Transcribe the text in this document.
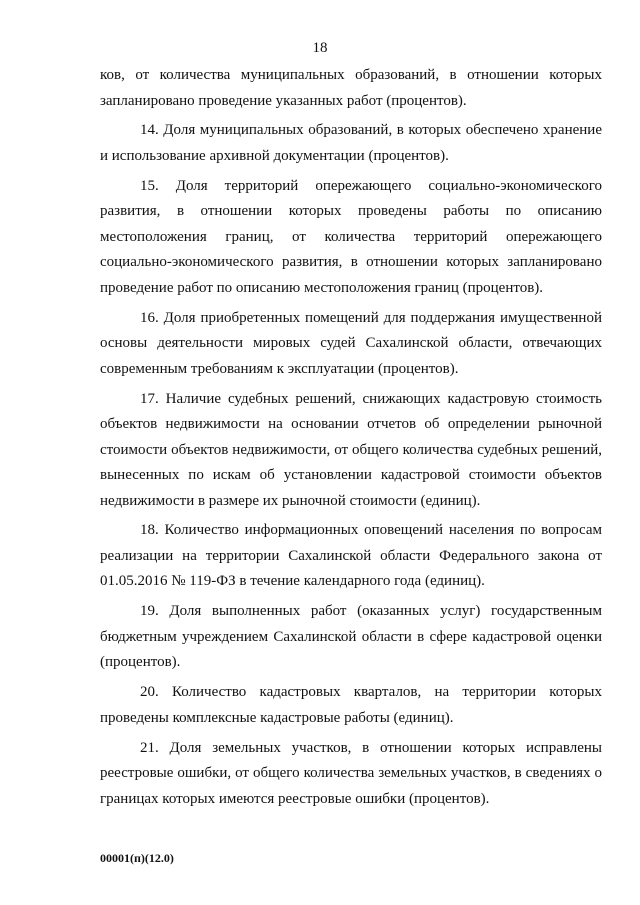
18

ков, от количества муниципальных образований, в отношении которых запланировано проведение указанных работ (процентов).

14. Доля муниципальных образований, в которых обеспечено хранение и использование архивной документации (процентов).

15. Доля территорий опережающего социально-экономического развития, в отношении которых проведены работы по описанию местоположения границ, от количества территорий опережающего социально-экономического развития, в отношении которых запланировано проведение работ по описанию местоположения границ (процентов).

16. Доля приобретенных помещений для поддержания имущественной основы деятельности мировых судей Сахалинской области, отвечающих современным требованиям к эксплуатации (процентов).

17. Наличие судебных решений, снижающих кадастровую стоимость объектов недвижимости на основании отчетов об определении рыночной стоимости объектов недвижимости, от общего количества судебных решений, вынесенных по искам об установлении кадастровой стоимости объектов недвижимости в размере их рыночной стоимости (единиц).

18. Количество информационных оповещений населения по вопросам реализации на территории Сахалинской области Федерального закона от 01.05.2016 № 119-ФЗ в течение календарного года (единиц).

19. Доля выполненных работ (оказанных услуг) государственным бюджетным учреждением Сахалинской области в сфере кадастровой оценки (процентов).

20. Количество кадастровых кварталов, на территории которых проведены комплексные кадастровые работы (единиц).

21. Доля земельных участков, в отношении которых исправлены реестровые ошибки, от общего количества земельных участков, в сведениях о границах которых имеются реестровые ошибки (процентов).

00001(п)(12.0)
